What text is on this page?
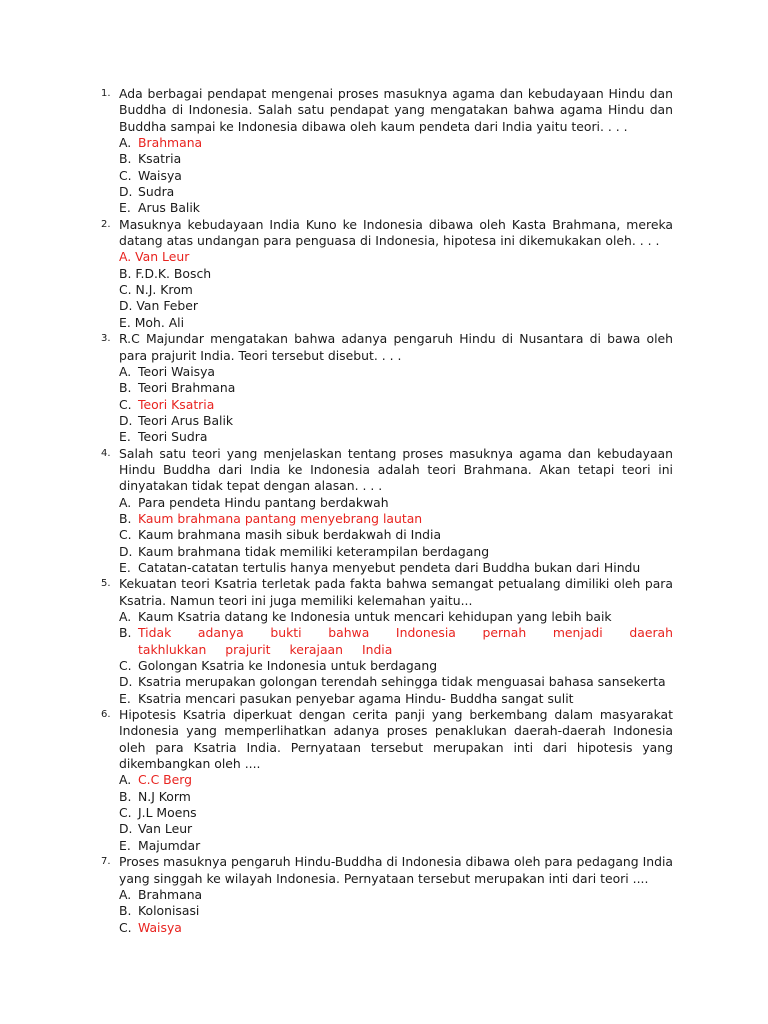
1. Ada berbagai pendapat mengenai proses masuknya agama dan kebudayaan Hindu dan Buddha di Indonesia. Salah satu pendapat yang mengatakan bahwa agama Hindu dan Buddha sampai ke Indonesia dibawa oleh kaum pendeta dari India yaitu teori. . . .
A. Brahmana
B. Ksatria
C. Waisya
D. Sudra
E. Arus Balik
2. Masuknya kebudayaan India Kuno ke Indonesia dibawa oleh Kasta Brahmana, mereka datang atas undangan para penguasa di Indonesia, hipotesa ini dikemukakan oleh. . . .
A. Van Leur
B. F.D.K. Bosch
C. N.J. Krom
D. Van Feber
E. Moh. Ali
3. R.C Majundar mengatakan bahwa adanya pengaruh Hindu di Nusantara di bawa oleh para prajurit India. Teori tersebut disebut. . . .
A. Teori Waisya
B. Teori Brahmana
C. Teori Ksatria
D. Teori Arus Balik
E. Teori Sudra
4. Salah satu teori yang menjelaskan tentang proses masuknya agama dan kebudayaan Hindu Buddha dari India ke Indonesia adalah teori Brahmana. Akan tetapi teori ini dinyatakan tidak tepat dengan alasan. . . .
A. Para pendeta Hindu pantang berdakwah
B. Kaum brahmana pantang menyebrang lautan
C. Kaum brahmana masih sibuk berdakwah di India
D. Kaum brahmana tidak memiliki keterampilan berdagang
E. Catatan-catatan tertulis hanya menyebut pendeta dari Buddha bukan dari Hindu
5. Kekuatan teori Ksatria terletak pada fakta bahwa semangat petualang dimiliki oleh para Ksatria. Namun teori ini juga memiliki kelemahan yaitu...
A. Kaum Ksatria datang ke Indonesia untuk mencari kehidupan yang lebih baik
B. Tidak adanya bukti bahwa Indonesia pernah menjadi daerah takhlukkan prajurit kerajaan India
C. Golongan Ksatria ke Indonesia untuk berdagang
D. Ksatria merupakan golongan terendah sehingga tidak menguasai bahasa sansekerta
E. Ksatria mencari pasukan penyebar agama Hindu- Buddha sangat sulit
6. Hipotesis Ksatria diperkuat dengan cerita panji yang berkembang dalam masyarakat Indonesia yang memperlihatkan adanya proses penaklukan daerah-daerah Indonesia oleh para Ksatria India. Pernyataan tersebut merupakan inti dari hipotesis yang dikembangkan oleh ....
A. C.C Berg
B. N.J Korm
C. J.L Moens
D. Van Leur
E. Majumdar
7. Proses masuknya pengaruh Hindu-Buddha di Indonesia dibawa oleh para pedagang India yang singgah ke wilayah Indonesia. Pernyataan tersebut merupakan inti dari teori ....
A. Brahmana
B. Kolonisasi
C. Waisya
